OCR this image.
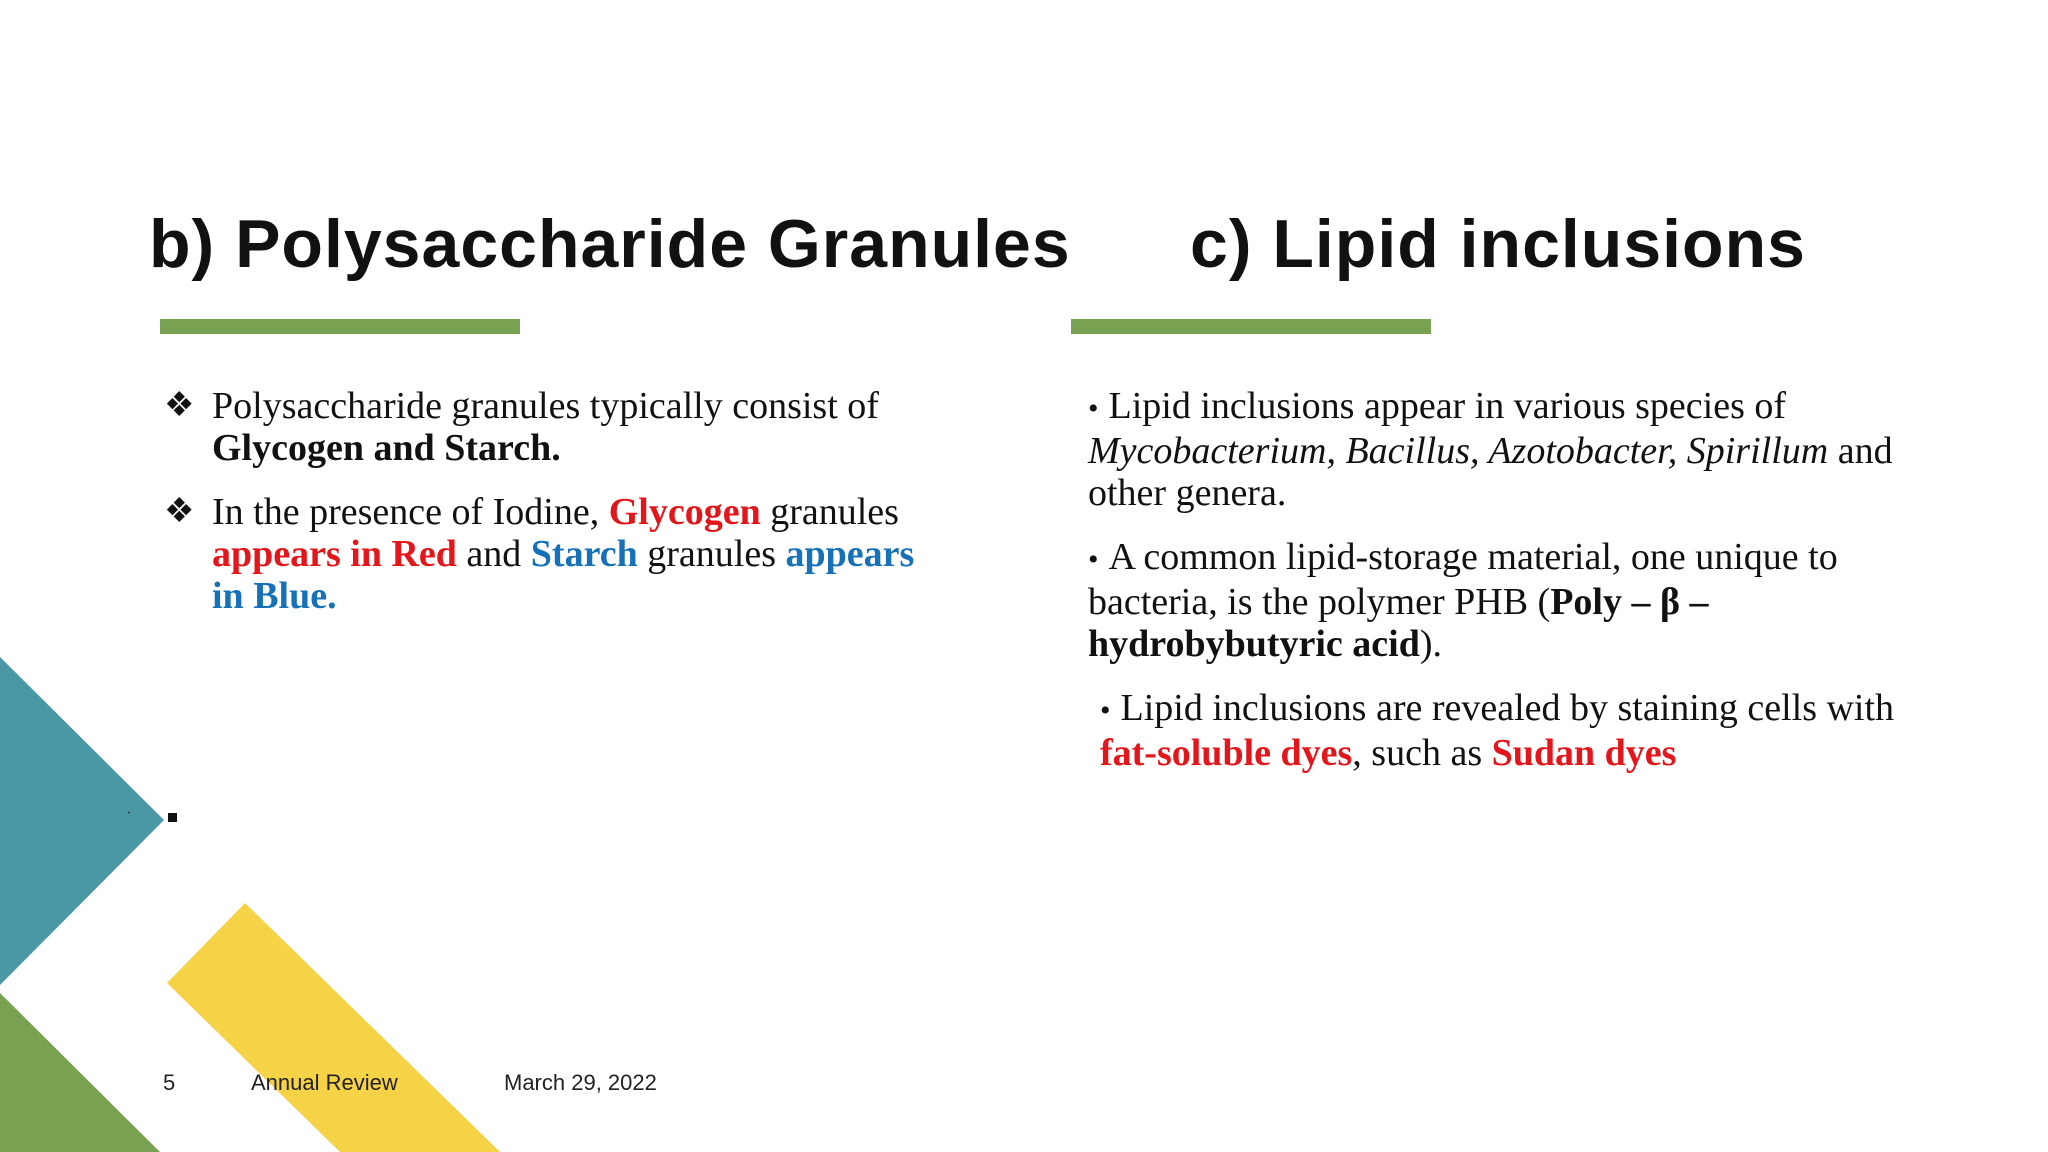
b) Polysaccharide Granules c) Lipid inclusions
❖ Polysaccharide granules typically consist of Glycogen and Starch.
❖ In the presence of Iodine, Glycogen granules appears in Red and Starch granules appears in Blue.
·
• Lipid inclusions appear in various species of Mycobacterium, Bacillus, Azotobacter, Spirillum and other genera.
• A common lipid-storage material, one unique to bacteria, is the polymer PHB (Poly – β – hydrobybutyric acid).
• Lipid inclusions are revealed by staining cells with fat-soluble dyes, such as Sudan dyes
5	Annual Review	March 29, 2022
